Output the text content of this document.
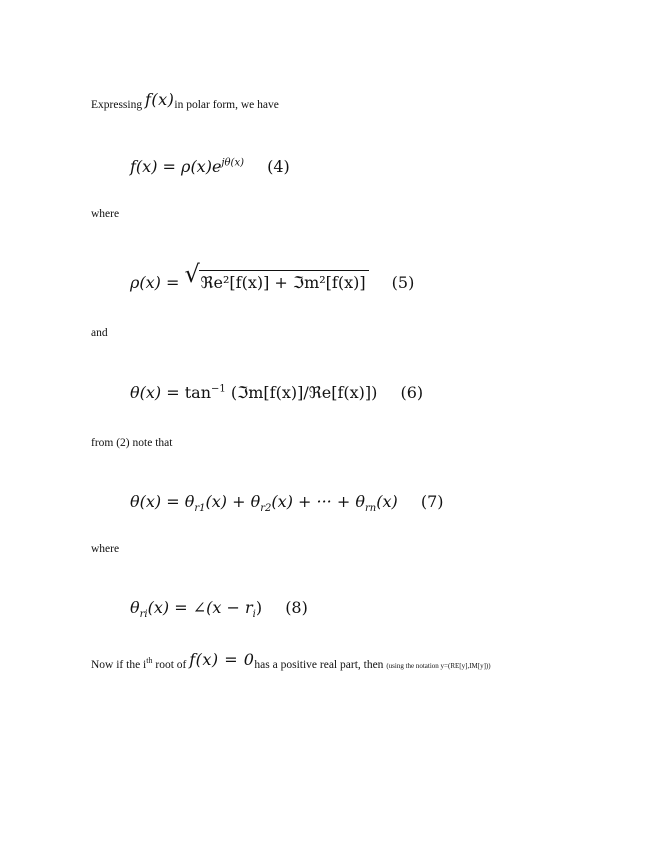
Expressing f(x)in polar form, we have
$f(x) = \rho(x)e^{j\theta(x)}$ (4)
where
ρ(x) = √ ℜe²[f(x)] + ℑm²[f(x)] (5)
and
$\theta(x) = \tan^{-1}$ (ℑm[f(x)]/ℜe[f(x)]) (6)
from (2) note that
$\theta(x) = \theta_{r1}(x) + \theta_{r2}(x)$ + ··· + $\theta_{rn}(x)$ (7)
where
$\theta_{ri}(x)$ = ∠(x − $r_i$) (8)
Now if the $i^{th}$ root of f(x) = 0has a positive real part, then (using the notation y=(RE[y],IM[y]))
